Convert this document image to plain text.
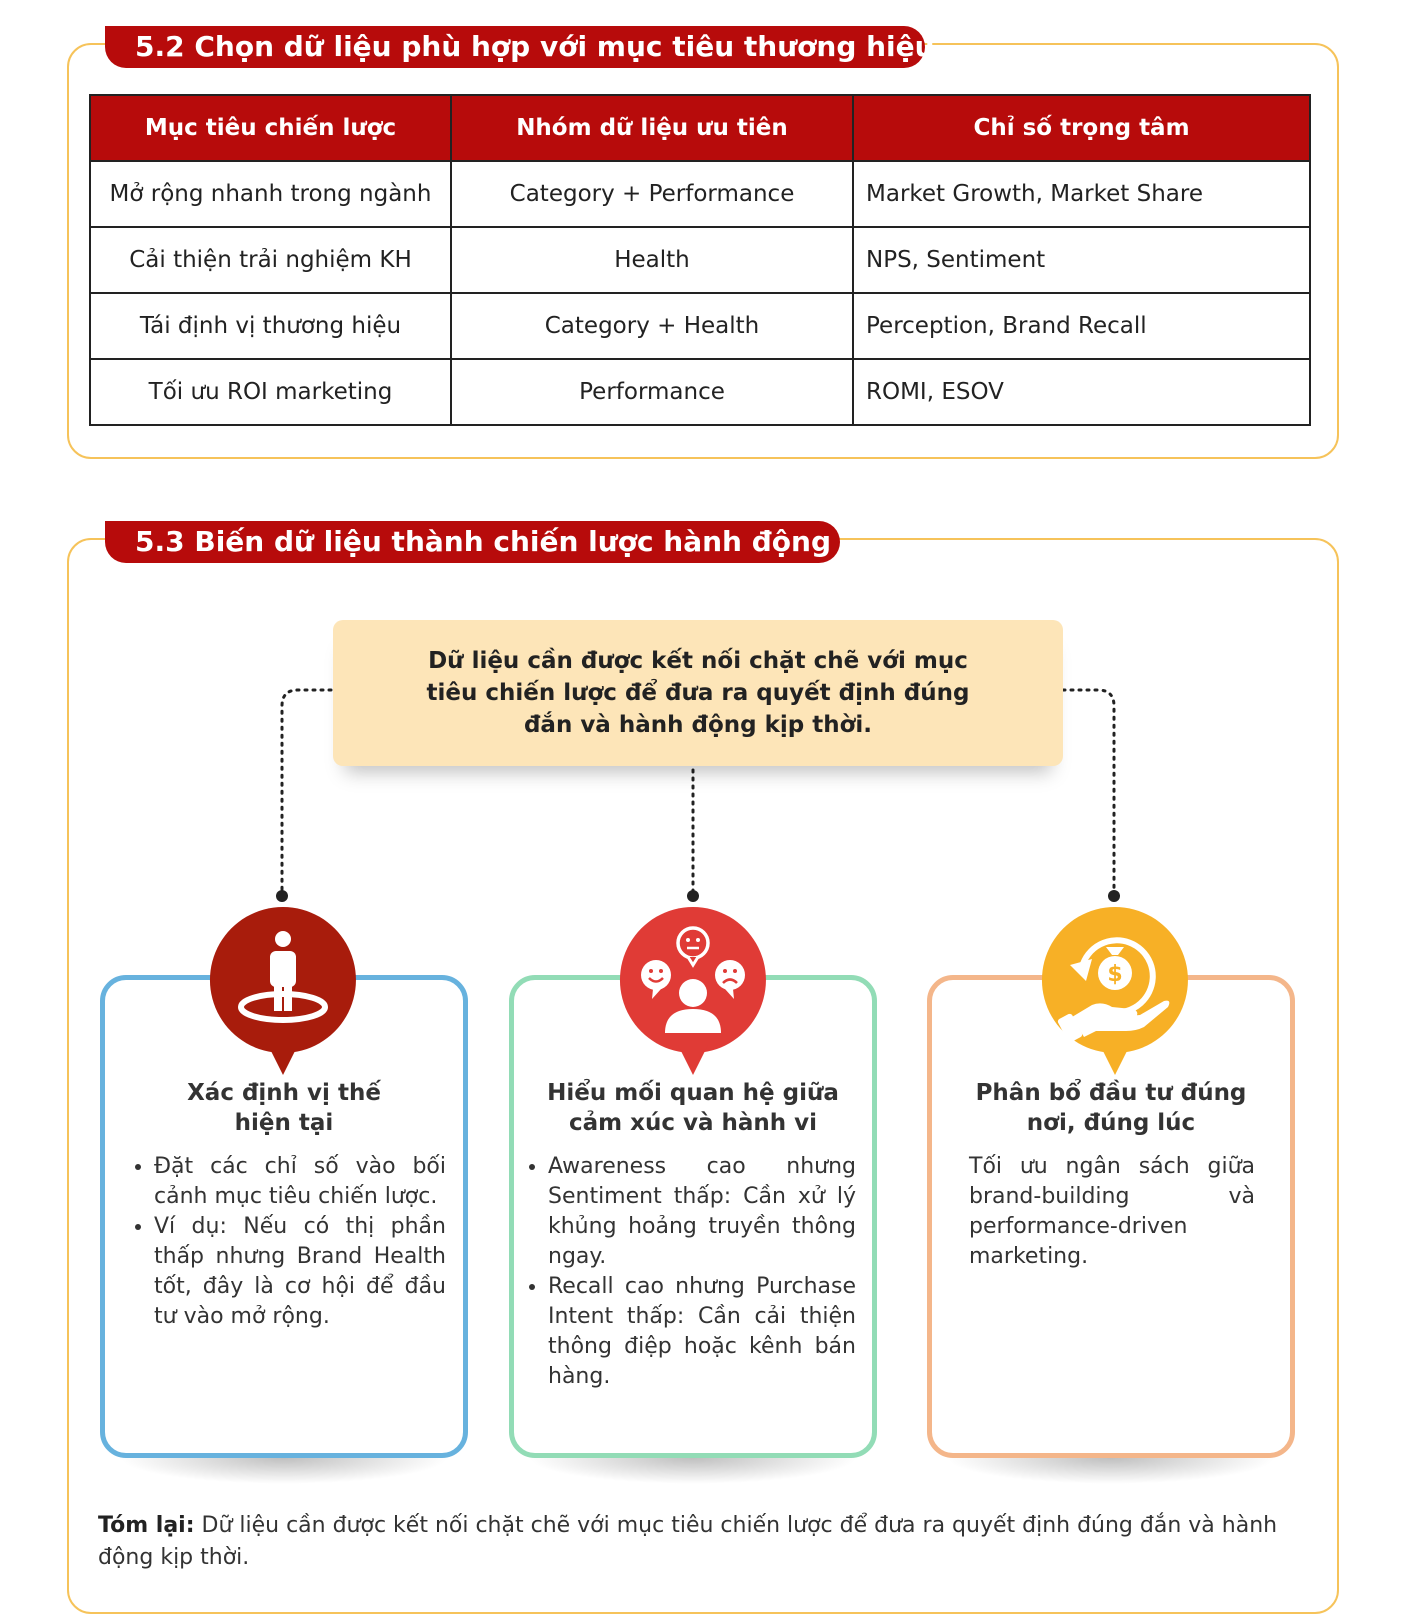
5.2 Chọn dữ liệu phù hợp với mục tiêu thương hiệu
Mục tiêu chiến lược	Nhóm dữ liệu ưu tiên	Chỉ số trọng tâm
Mở rộng nhanh trong ngành	Category + Performance	Market Growth, Market Share
Cải thiện trải nghiệm KH	Health	NPS, Sentiment
Tái định vị thương hiệu	Category + Health	Perception, Brand Recall
Tối ưu ROI marketing	Performance	ROMI, ESOV
5.3 Biến dữ liệu thành chiến lược hành động
Dữ liệu cần được kết nối chặt chẽ với mục tiêu chiến lược để đưa ra quyết định đúng đắn và hành động kịp thời.
Xác định vị thế
hiện tại
• Đặt các chỉ số vào bối cảnh mục tiêu chiến lược.
• Ví dụ: Nếu có thị phần thấp nhưng Brand Health tốt, đây là cơ hội để đầu tư vào mở rộng.
Hiểu mối quan hệ giữa
cảm xúc và hành vi
• Awareness cao nhưng Sentiment thấp: Cần xử lý khủng hoảng truyền thông ngay.
• Recall cao nhưng Purchase Intent thấp: Cần cải thiện thông điệp hoặc kênh bán hàng.
$
Phân bổ đầu tư đúng
nơi, đúng lúc
Tối ưu ngân sách giữa brand-building và performance-driven marketing.
Tóm lại: Dữ liệu cần được kết nối chặt chẽ với mục tiêu chiến lược để đưa ra quyết định đúng đắn và hành động kịp thời.
